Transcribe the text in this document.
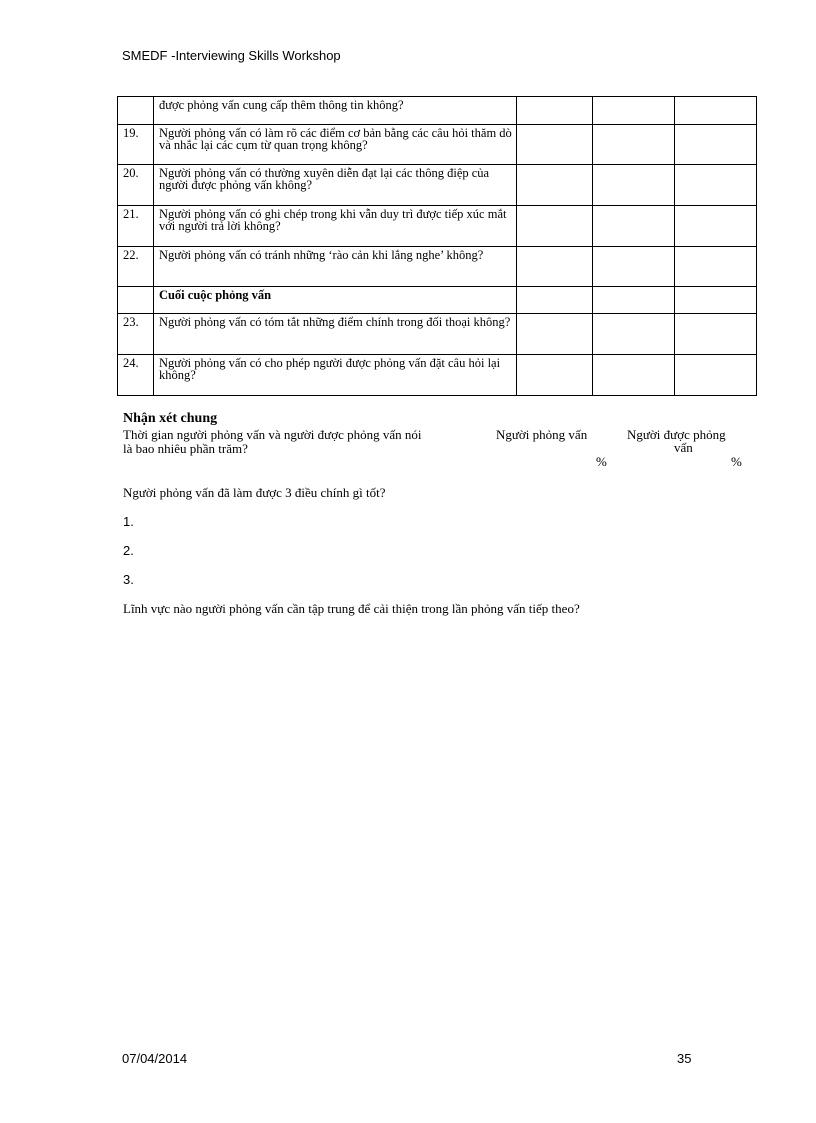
SMEDF -Interviewing Skills Workshop
	được phỏng vấn cung cấp thêm thông tin không?			
19.	Người phỏng vấn có làm rõ các điểm cơ bản bằng các câu hỏi thăm dò và nhắc lại các cụm từ quan trọng không?			
20.	Người phỏng vấn có thường xuyên diễn đạt lại các thông điệp của người được phỏng vấn không?			
21.	Người phỏng vấn có ghi chép trong khi vẫn duy trì được tiếp xúc mắt với người trả lời không?			
22.	Người phỏng vấn có tránh những ‘rào cản khi lắng nghe’ không?			
	Cuối cuộc phỏng vấn			
23.	Người phỏng vấn có tóm tắt những điểm chính trong đối thoại không?			
24.	Người phỏng vấn có cho phép người được phỏng vấn đặt câu hỏi lại không?			
Nhận xét chung
Thời gian người phỏng vấn và người được phỏng vấn nói
là bao nhiêu phần trăm?
Người phỏng vấn	Người được phỏng
vấn
%	%
Người phỏng vấn đã làm được 3 điều chính gì tốt?
1.
2.
3.
Lĩnh vực nào người phỏng vấn cần tập trung để cải thiện trong lần phỏng vấn tiếp theo?
07/04/2014	35
